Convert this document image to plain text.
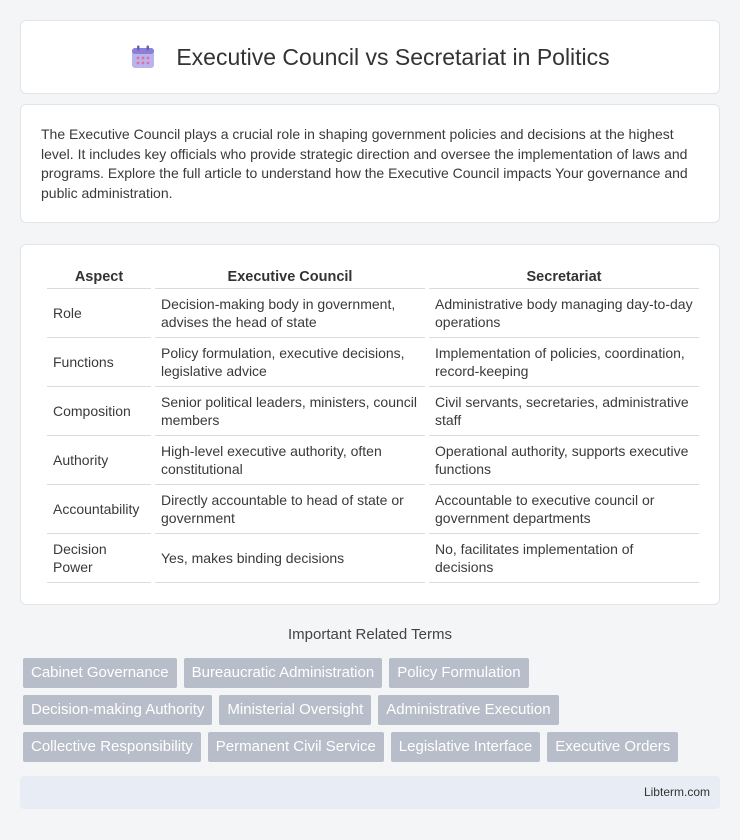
Executive Council vs Secretariat in Politics

The Executive Council plays a crucial role in shaping government policies and decisions at the highest level. It includes key officials who provide strategic direction and oversee the implementation of laws and programs. Explore the full article to understand how the Executive Council impacts Your governance and public administration.

Aspect	Executive Council	Secretariat
Role	Decision-making body in government, advises the head of state	Administrative body managing day-to-day operations
Functions	Policy formulation, executive decisions, legislative advice	Implementation of policies, coordination, record-keeping
Composition	Senior political leaders, ministers, council members	Civil servants, secretaries, administrative staff
Authority	High-level executive authority, often constitutional	Operational authority, supports executive functions
Accountability	Directly accountable to head of state or government	Accountable to executive council or government departments
Decision Power	Yes, makes binding decisions	No, facilitates implementation of decisions
Important Related Terms
Cabinet Governance	Bureaucratic Administration	Policy Formulation
Decision-making Authority	Ministerial Oversight	Administrative Execution
Collective Responsibility	Permanent Civil Service	Legislative Interface	Executive Orders
Libterm.com
